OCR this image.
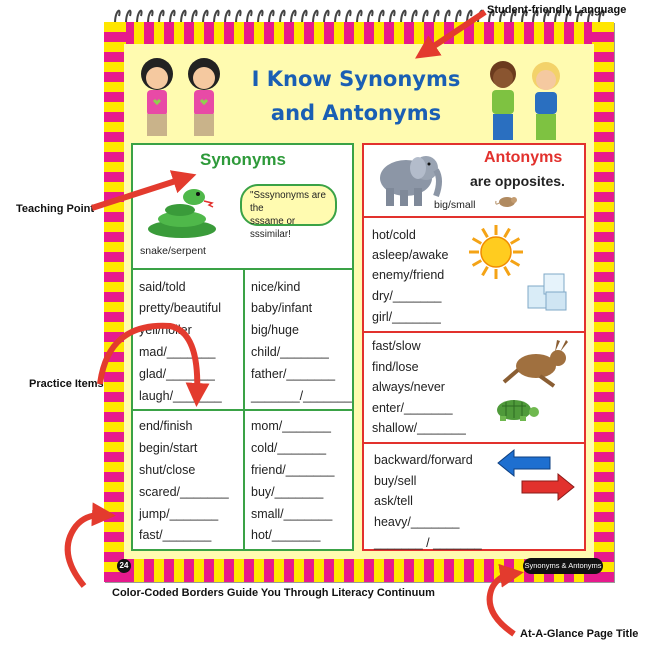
I Know Synonyms
and Antonyms
Synonyms
"Sssynonyms are the
sssame or sssimilar!
snake/serpent
said/told
pretty/beautiful
yell/holler
mad/_______
glad/_______
laugh/_______
nice/kind
baby/infant
big/huge
child/_______
father/_______
_______/_______
end/finish
begin/start
shut/close
scared/_______
jump/_______
fast/_______
mom/_______
cold/_______
friend/_______
buy/_______
small/_______
hot/_______
Antonyms
are opposites.
big/small
hot/cold
asleep/awake
enemy/friend
dry/_______
girl/_______
fast/slow
find/lose
always/never
enter/_______
shallow/_______
backward/forward
buy/sell
ask/tell
heavy/_______
_______ / _______
24	Synonyms & Antonyms
Student-friendly Language
Teaching Point
Practice Items
Color-Coded Borders Guide You Through Literacy Continuum
At-A-Glance Page Title
